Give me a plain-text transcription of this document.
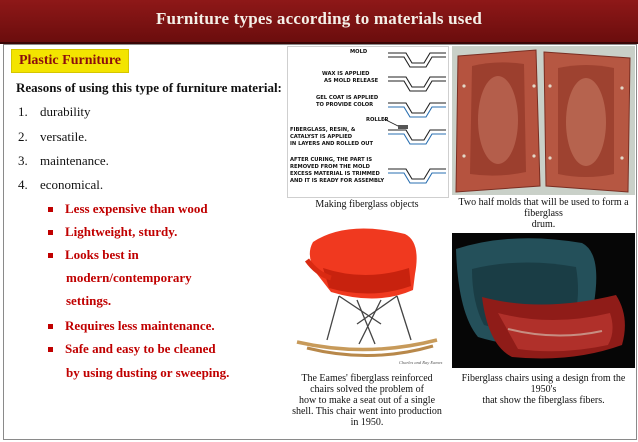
Furniture types according to materials used
Plastic Furniture
Reasons of using this type of furniture material:
1. durability
2. versatile.
3. maintenance.
4. economical.
Less expensive than wood
Lightweight, sturdy.
Looks best in
modern/contemporary
settings.
Requires less maintenance.
Safe and easy to be cleaned
by using dusting or sweeping.
MOLD
WAX IS APPLIED
AS MOLD RELEASE
GEL COAT IS APPLIED
TO PROVIDE COLOR
ROLLER
FIBERGLASS, RESIN, &
CATALYST IS APPLIED
IN LAYERS AND ROLLED OUT
AFTER CURING, THE PART IS
REMOVED FROM THE MOLD
EXCESS MATERIAL IS TRIMMED
AND IT IS READY FOR ASSEMBLY
Making fiberglass objects	Two half molds that will be used to form a
fiberglass
drum.
Charles and Ray Eames
The Eames' fiberglass reinforced
chairs solved the problem of
how to make a seat out of a single
shell. This chair went into production
in 1950.
Fiberglass chairs using a design from the
1950's
that show the fiberglass fibers.
